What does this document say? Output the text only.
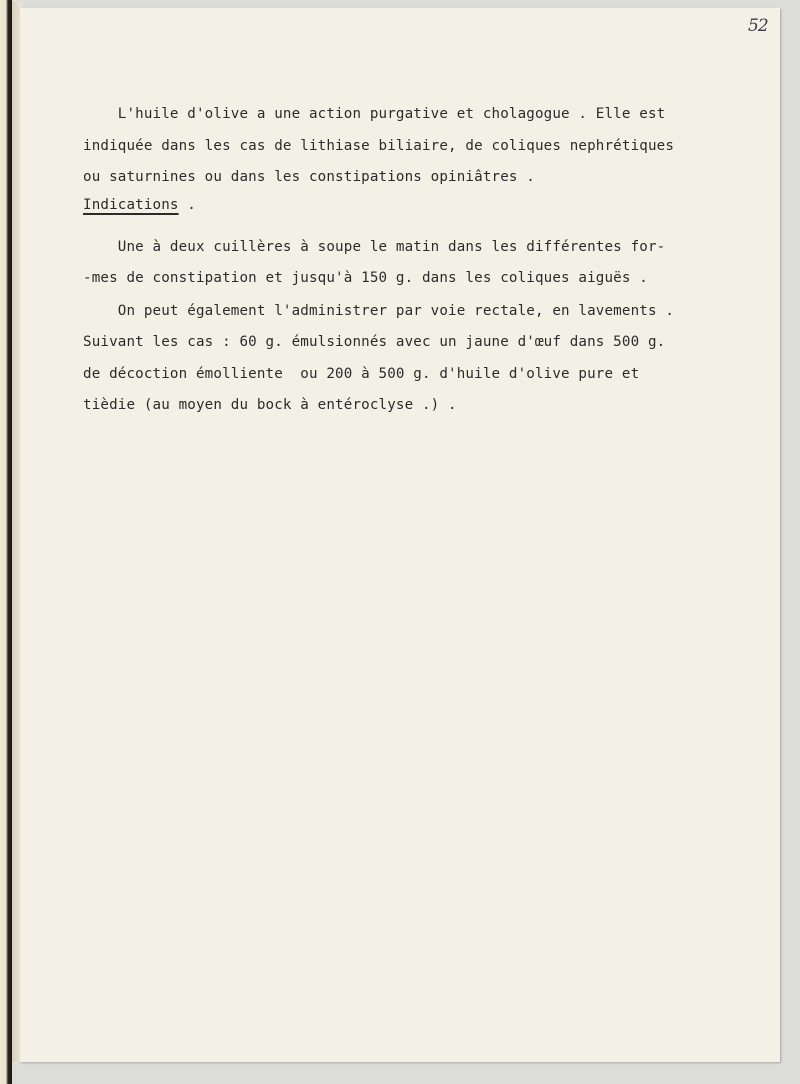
52
L'huile d'olive a une action purgative et cholagogue . Elle est
indiquée dans les cas de lithiase biliaire, de coliques nephrétiques
ou saturnines ou dans les constipations opiniâtres .
Indications .
Une à deux cuillères à soupe le matin dans les différentes for-
-mes de constipation et jusqu'à 150 g. dans les coliques aiguës .
On peut également l'administrer par voie rectale, en lavements .
Suivant les cas : 60 g. émulsionnés avec un jaune d'œuf dans 500 g.
de décoction émolliente  ou 200 à 500 g. d'huile d'olive pure et
tièdie (au moyen du bock à entéroclyse .) .
